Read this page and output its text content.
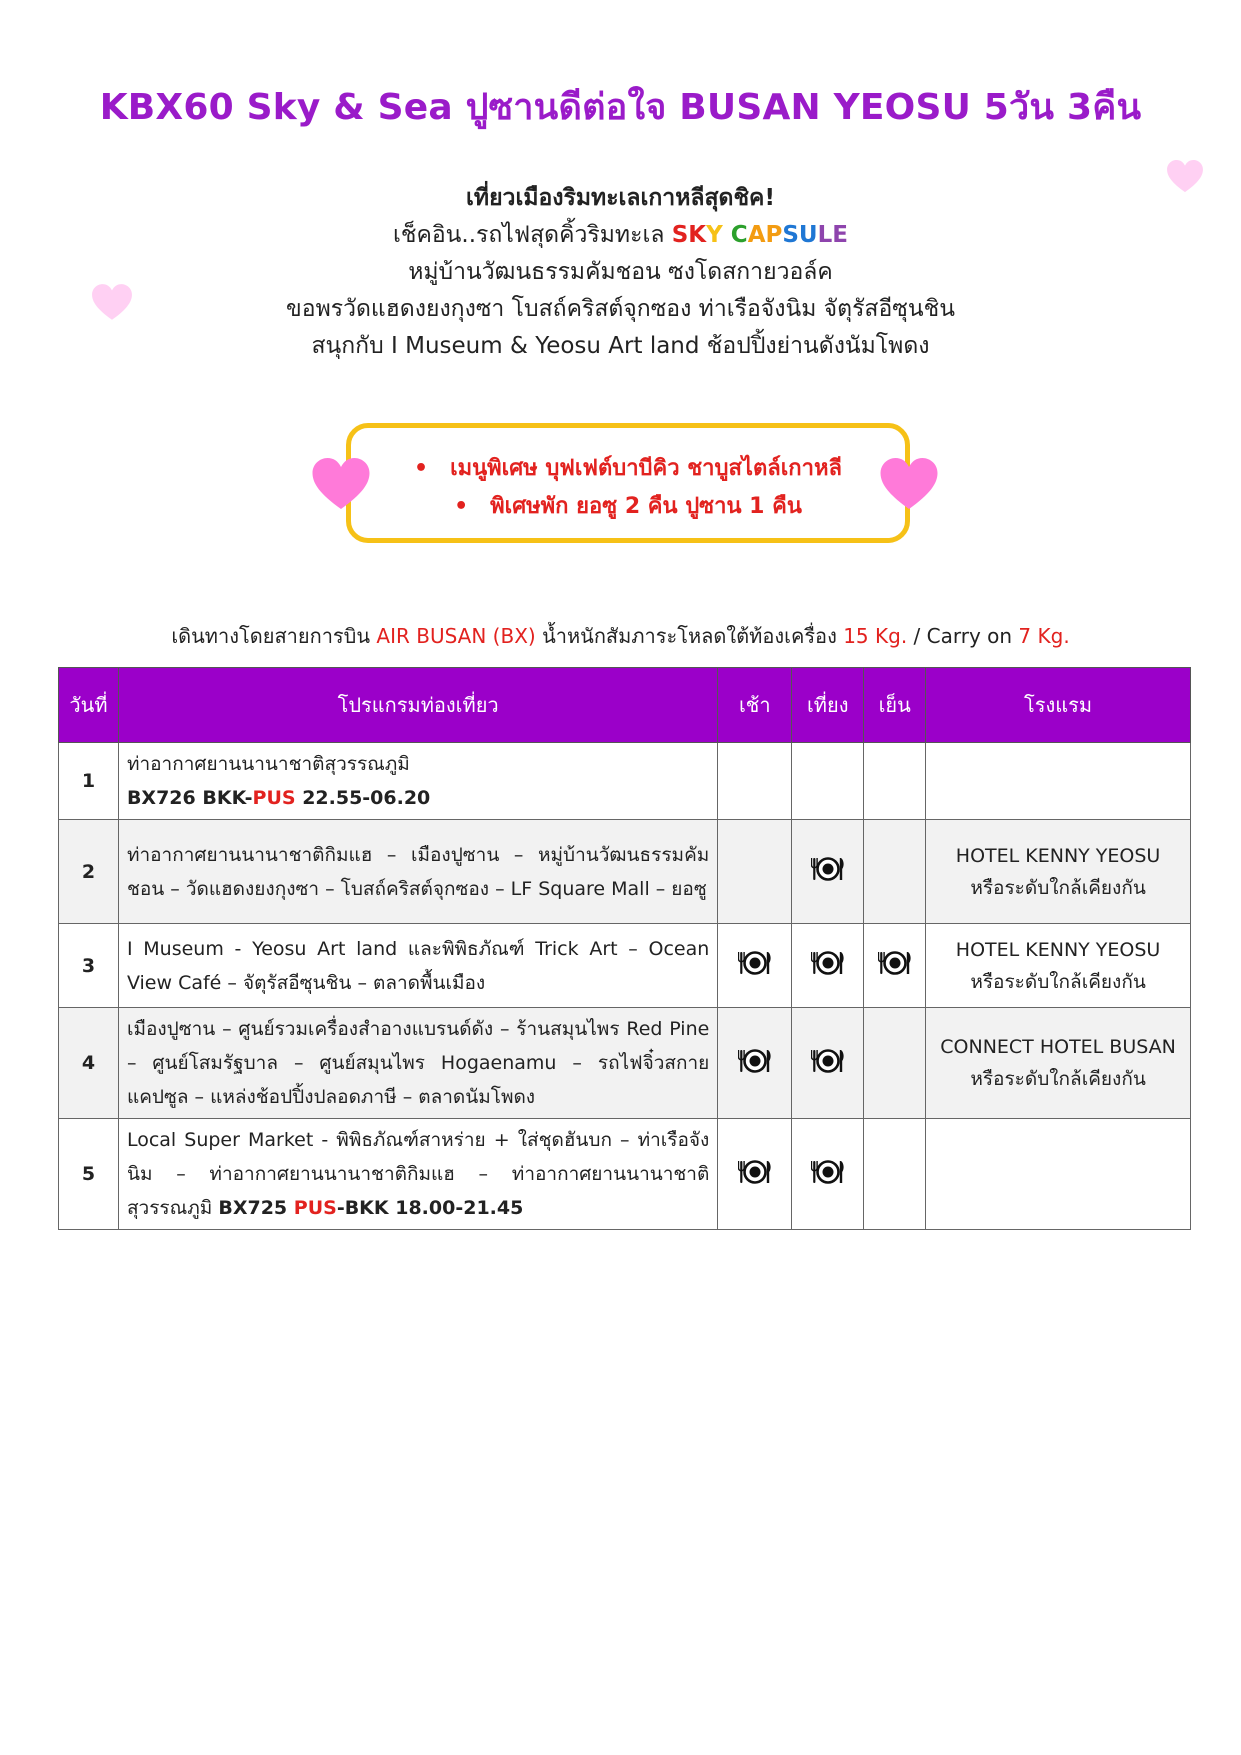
KBX60 Sky & Sea ปูซานดีต่อใจ BUSAN YEOSU 5วัน 3คืน
เที่ยวเมืองริมทะเลเกาหลีสุดชิค!
เช็คอิน..รถไฟสุดคิ้วริมทะเล SKY CAPSULE
หมู่บ้านวัฒนธรรมคัมชอน ซงโดสกายวอล์ค
ขอพรวัดแฮดงยงกุงซา โบสถ์คริสต์จุกซอง ท่าเรือจังนิม จัตุรัสอีซุนชิน
สนุกกับ I Museum & Yeosu Art land ช้อปปิ้งย่านดังนัมโพดง
• เมนูพิเศษ บุฟเฟต์บาบีคิว ชาบูสไตล์เกาหลี
• พิเศษพัก ยอซู 2 คืน ปูซาน 1 คืน
เดินทางโดยสายการบิน AIR BUSAN (BX) น้ำหนักสัมภาระโหลดใต้ท้องเครื่อง 15 Kg. / Carry on 7 Kg.
วันที่	โปรแกรมท่องเที่ยว	เช้า	เที่ยง	เย็น	โรงแรม
1	ท่าอากาศยานนานาชาติสุวรรณภูมิ
BX726 BKK-PUS 22.55-06.20				

2	ท่าอากาศยานนานาชาติกิมแฮ – เมืองปูซาน – หมู่บ้านวัฒนธรรมคัมชอน – วัดแฮดงยงกุงซา – โบสถ์คริสต์จุกซอง – LF Square Mall – ยอซู				HOTEL KENNY YEOSU
หรือระดับใกล้เคียงกัน

3	I Museum - Yeosu Art land และพิพิธภัณฑ์ Trick Art – Ocean View Café – จัตุรัสอีซุนชิน – ตลาดพื้นเมือง				HOTEL KENNY YEOSU
หรือระดับใกล้เคียงกัน

4	เมืองปูซาน – ศูนย์รวมเครื่องสำอางแบรนด์ดัง – ร้านสมุนไพร Red Pine – ศูนย์โสมรัฐบาล – ศูนย์สมุนไพร Hogaenamu – รถไฟจิ๋วสกายแคปซูล – แหล่งช้อปปิ้งปลอดภาษี – ตลาดนัมโพดง				CONNECT HOTEL BUSAN
หรือระดับใกล้เคียงกัน

5	Local Super Market - พิพิธภัณฑ์สาหร่าย + ใส่ชุดฮันบก – ท่าเรือจังนิม – ท่าอากาศยานนานาชาติกิมแฮ – ท่าอากาศยานนานาชาติสุวรรณภูมิ BX725 PUS-BKK 18.00-21.45				
